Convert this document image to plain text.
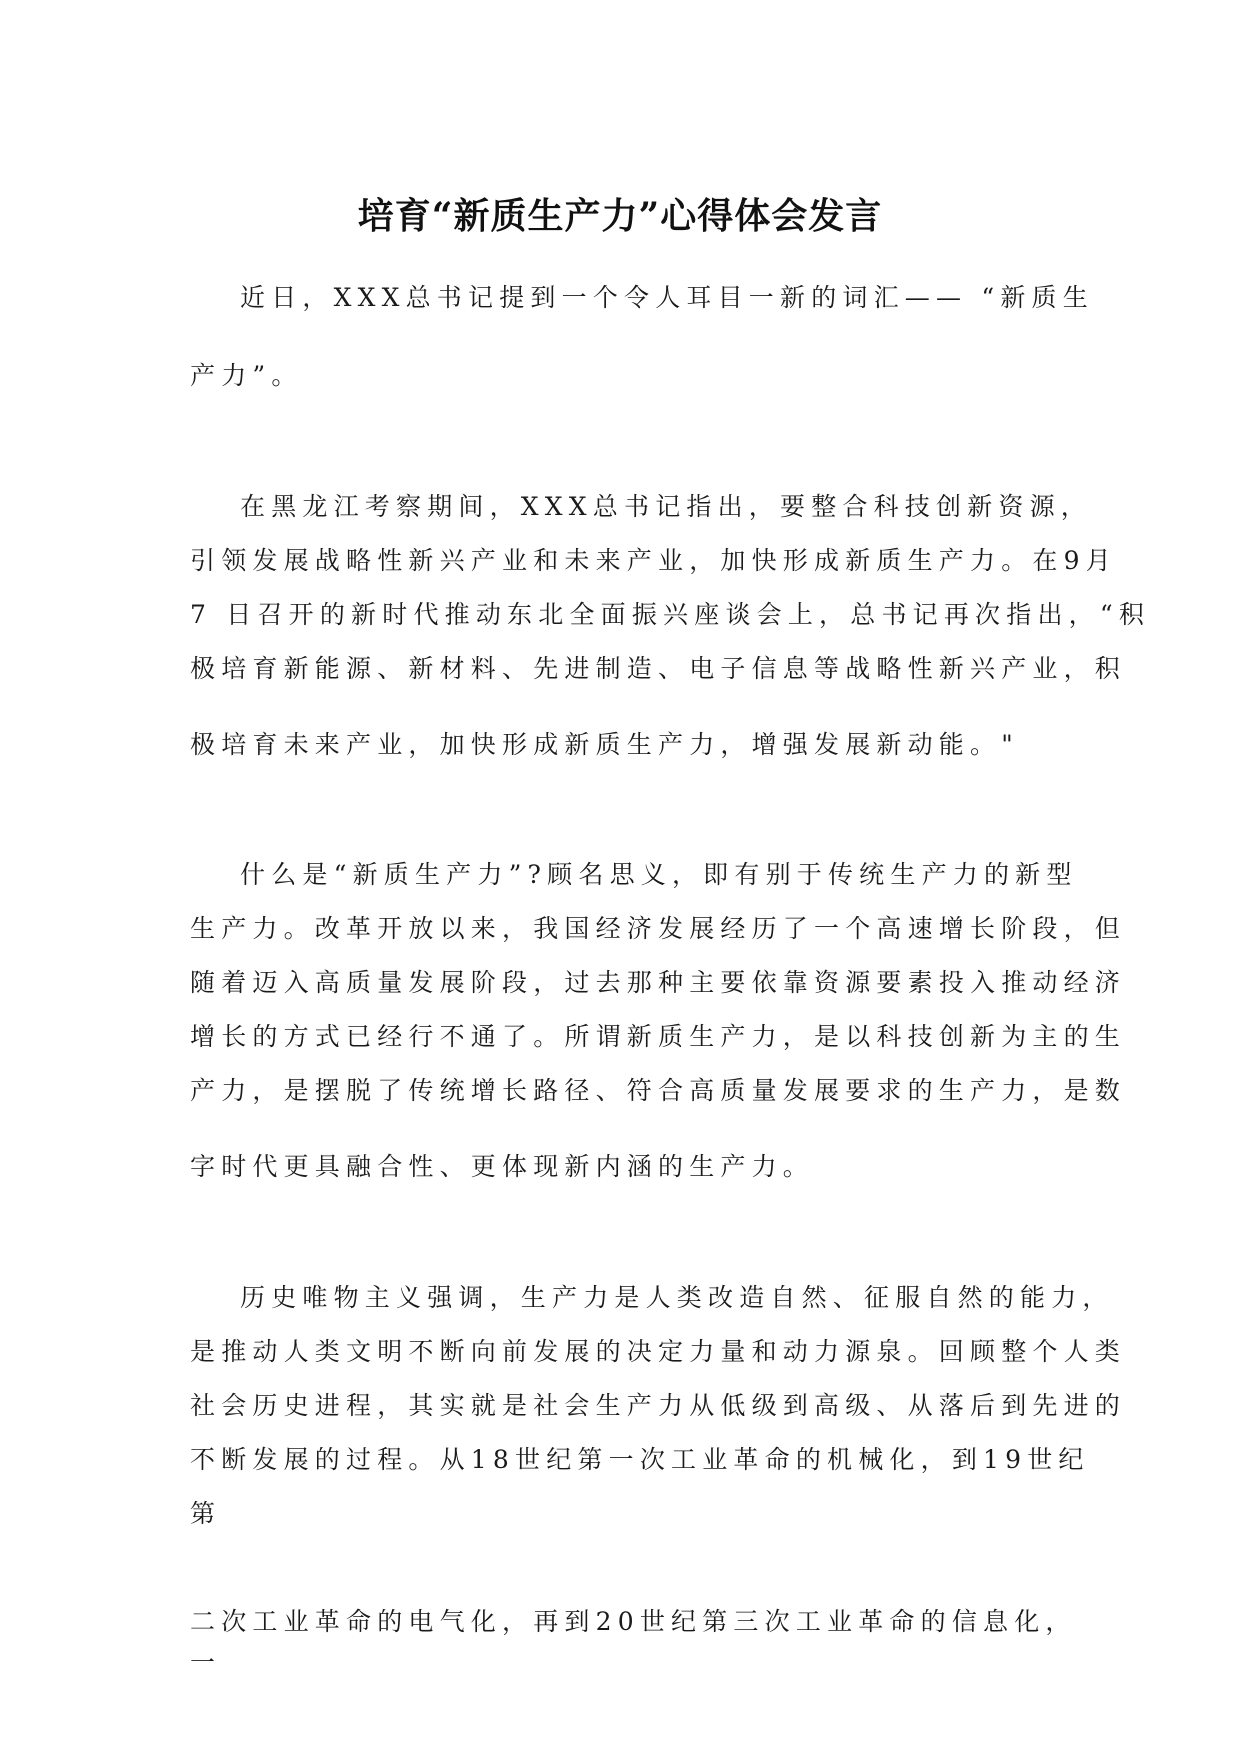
培育“新质生产力”心得体会发言
近日，XXX总书记提到一个令人耳目一新的词汇—— “新质生
产力”。
在黑龙江考察期间，XXX总书记指出，要整合科技创新资源，
引领发展战略性新兴产业和未来产业，加快形成新质生产力。在9月
7 日召开的新时代推动东北全面振兴座谈会上，总书记再次指出，“积
极培育新能源、新材料、先进制造、电子信息等战略性新兴产业，积
极培育未来产业，加快形成新质生产力，增强发展新动能。"
什么是“新质生产力”?顾名思义，即有别于传统生产力的新型
生产力。改革开放以来，我国经济发展经历了一个高速增长阶段，但
随着迈入高质量发展阶段，过去那种主要依靠资源要素投入推动经济
增长的方式已经行不通了。所谓新质生产力，是以科技创新为主的生
产力，是摆脱了传统增长路径、符合高质量发展要求的生产力，是数
字时代更具融合性、更体现新内涵的生产力。
历史唯物主义强调，生产力是人类改造自然、征服自然的能力，
是推动人类文明不断向前发展的决定力量和动力源泉。回顾整个人类
社会历史进程，其实就是社会生产力从低级到高级、从落后到先进的
不断发展的过程。从18世纪第一次工业革命的机械化，到19世纪
第
二次工业革命的电气化，再到20世纪第三次工业革命的信息化，
一
